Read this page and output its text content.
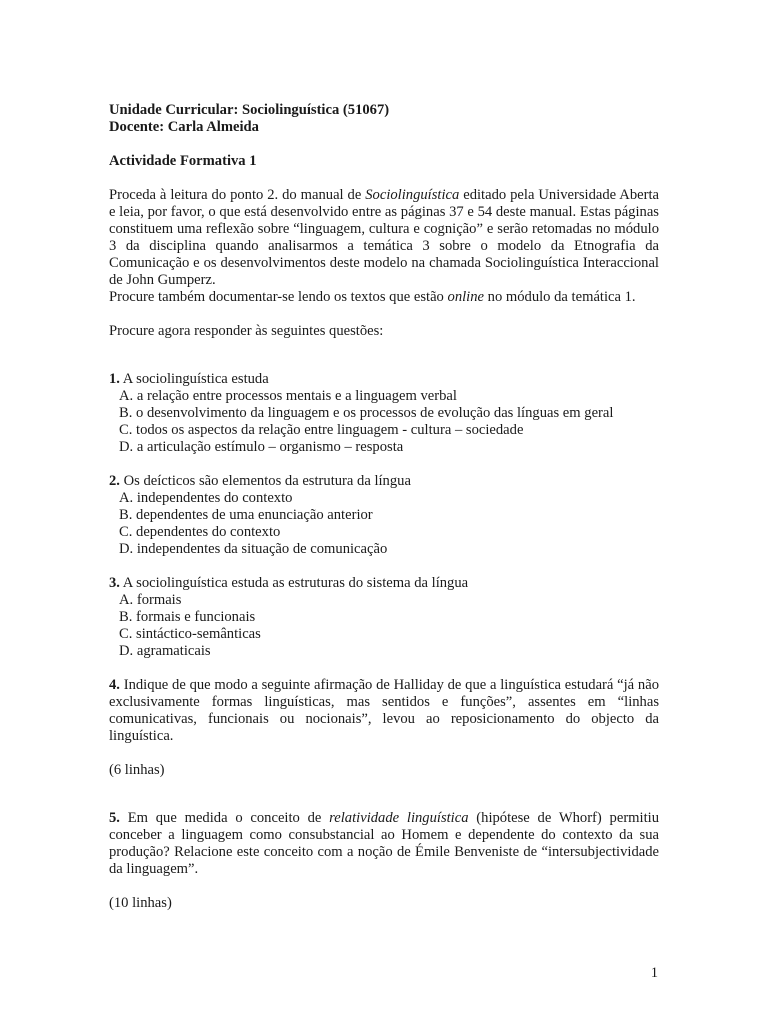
Unidade Curricular: Sociolinguística (51067)

Docente: Carla Almeida

Actividade Formativa 1

Proceda à leitura do ponto 2. do manual de Sociolinguística editado pela Universidade Aberta e leia, por favor, o que está desenvolvido entre as páginas 37 e 54 deste manual. Estas páginas constituem uma reflexão sobre “linguagem, cultura e cognição” e serão retomadas no módulo 3 da disciplina quando analisarmos a temática 3 sobre o modelo da Etnografia da Comunicação e os desenvolvimentos deste modelo na chamada Sociolinguística Interaccional de John Gumperz.

Procure também documentar-se lendo os textos que estão online no módulo da temática 1.

Procure agora responder às seguintes questões:

1. A sociolinguística estuda

A. a relação entre processos mentais e a linguagem verbal

B. o desenvolvimento da linguagem e os processos de evolução das línguas em geral

C. todos os aspectos da relação entre linguagem - cultura – sociedade

D. a articulação estímulo – organismo – resposta

2. Os deícticos são elementos da estrutura da língua

A. independentes do contexto

B. dependentes de uma enunciação anterior

C. dependentes do contexto

D. independentes da situação de comunicação

3. A sociolinguística estuda as estruturas do sistema da língua

A. formais

B. formais e funcionais

C. sintáctico-semânticas

D. agramaticais

4. Indique de que modo a seguinte afirmação de Halliday de que a linguística estudará “já não exclusivamente formas linguísticas, mas sentidos e funções”, assentes em “linhas comunicativas, funcionais ou nocionais”, levou ao reposicionamento do objecto da linguística.

(6 linhas)

5. Em que medida o conceito de relatividade linguística (hipótese de Whorf) permitiu conceber a linguagem como consubstancial ao Homem e dependente do contexto da sua produção? Relacione este conceito com a noção de Émile Benveniste de “intersubjectividade da linguagem”.

(10 linhas)

1
